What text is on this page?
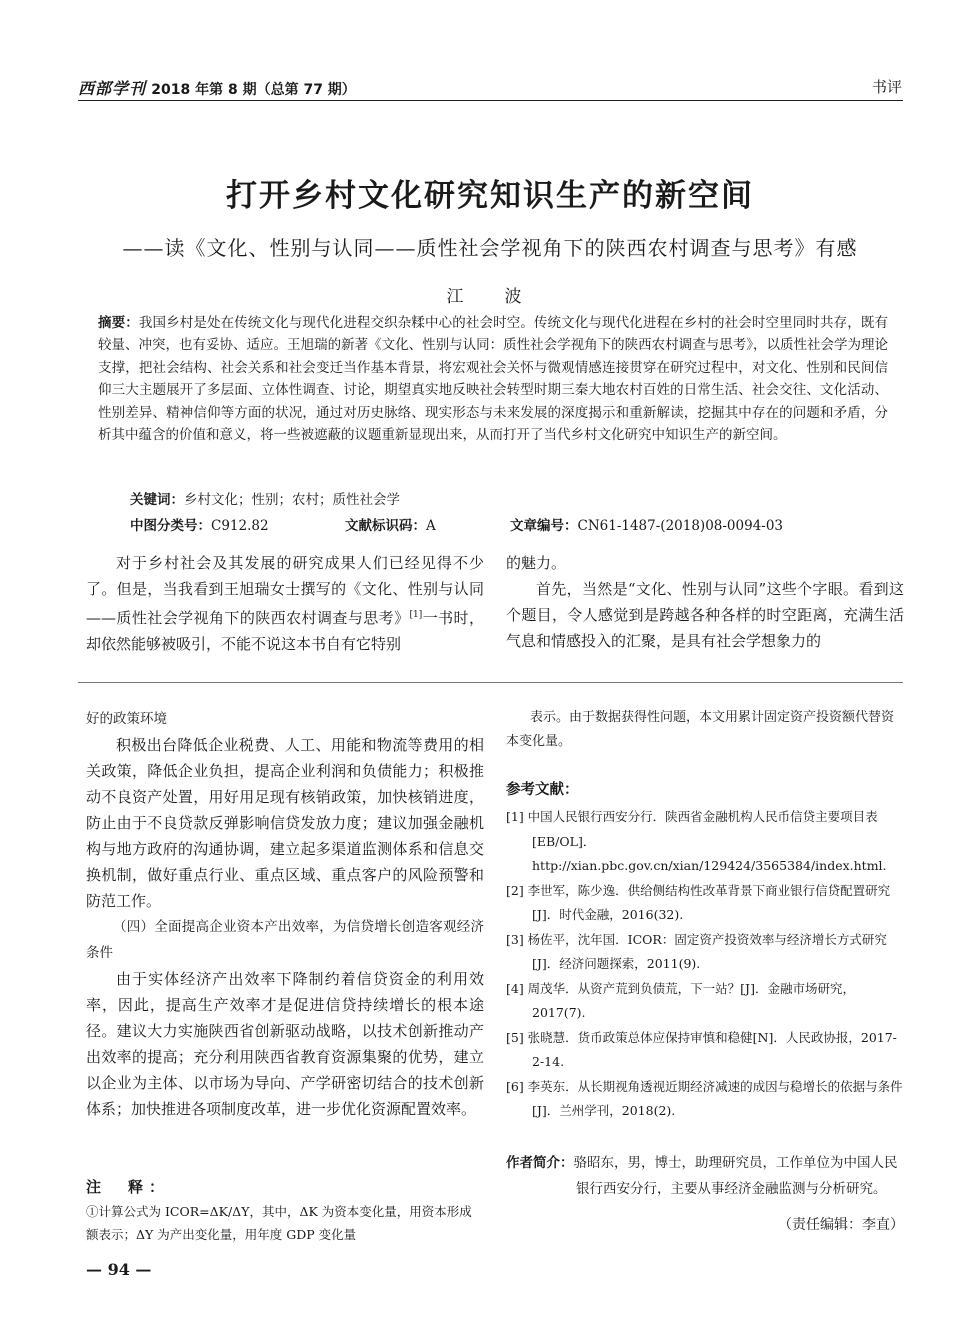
西部学刊 2018 年第 8 期（总第 77 期）	书评
打开乡村文化研究知识生产的新空间
——读《文化、性别与认同——质性社会学视角下的陕西农村调查与思考》有感
江　波
摘要：我国乡村是处在传统文化与现代化进程交织杂糅中心的社会时空。传统文化与现代化进程在乡村的社会时空里同时共存，既有较量、冲突，也有妥协、适应。王旭瑞的新著《文化、性别与认同：质性社会学视角下的陕西农村调查与思考》，以质性社会学为理论支撑，把社会结构、社会关系和社会变迁当作基本背景，将宏观社会关怀与微观情感连接贯穿在研究过程中，对文化、性别和民间信仰三大主题展开了多层面、立体性调查、讨论，期望真实地反映社会转型时期三秦大地农村百姓的日常生活、社会交往、文化活动、性别差异、精神信仰等方面的状况，通过对历史脉络、现实形态与未来发展的深度揭示和重新解读，挖掘其中存在的问题和矛盾，分析其中蕴含的价值和意义，将一些被遮蔽的议题重新显现出来，从而打开了当代乡村文化研究中知识生产的新空间。
关键词：乡村文化；性别；农村；质性社会学
中图分类号：C912.82	文献标识码：A	文章编号：CN61-1487-(2018)08-0094-03

对于乡村社会及其发展的研究成果人们已经见得不少了。但是，当我看到王旭瑞女士撰写的《文化、性别与认同——质性社会学视角下的陕西农村调查与思考》[1]一书时，却依然能够被吸引，不能不说这本书自有它特别

的魅力。

首先，当然是“文化、性别与认同”这些个字眼。看到这个题目，令人感觉到是跨越各种各样的时空距离，充满生活气息和情感投入的汇聚，是具有社会学想象力的

好的政策环境

积极出台降低企业税费、人工、用能和物流等费用的相关政策，降低企业负担，提高企业利润和负债能力；积极推动不良资产处置，用好用足现有核销政策，加快核销进度，防止由于不良贷款反弹影响信贷发放力度；建议加强金融机构与地方政府的沟通协调，建立起多渠道监测体系和信息交换机制，做好重点行业、重点区域、重点客户的风险预警和防范工作。

（四）全面提高企业资本产出效率，为信贷增长创造客观经济条件

由于实体经济产出效率下降制约着信贷资金的利用效率，因此，提高生产效率才是促进信贷持续增长的根本途径。建议大力实施陕西省创新驱动战略，以技术创新推动产出效率的提高；充分利用陕西省教育资源集聚的优势，建立以企业为主体、以市场为导向、产学研密切结合的技术创新体系；加快推进各项制度改革，进一步优化资源配置效率。

表示。由于数据获得性问题，本文用累计固定资产投资额代替资本变化量。
参考文献：
[1] 中国人民银行西安分行．陕西省金融机构人民币信贷主要项目表[EB/OL]．http://xian.pbc.gov.cn/xian/129424/3565384/index.html.
[2] 李世军，陈少逸．供给侧结构性改革背景下商业银行信贷配置研究[J]．时代金融，2016(32).
[3] 杨佐平，沈年国．ICOR：固定资产投资效率与经济增长方式研究[J]．经济问题探索，2011(9).
[4] 周茂华．从资产荒到负债荒，下一站？[J]．金融市场研究，2017(7).
[5] 张晓慧．货币政策总体应保持审慎和稳健[N]．人民政协报，2017-2-14.
[6] 李英东．从长期视角透视近期经济减速的成因与稳增长的依据与条件[J]．兰州学刊，2018(2).
作者简介：骆昭东，男，博士，助理研究员，工作单位为中国人民银行西安分行，主要从事经济金融监测与分析研究。
（责任编辑：李直）
注　释：
①计算公式为 ICOR=ΔK/ΔY，其中，ΔK 为资本变化量，用资本形成额表示；ΔY 为产出变化量，用年度 GDP 变化量
— 94 —
